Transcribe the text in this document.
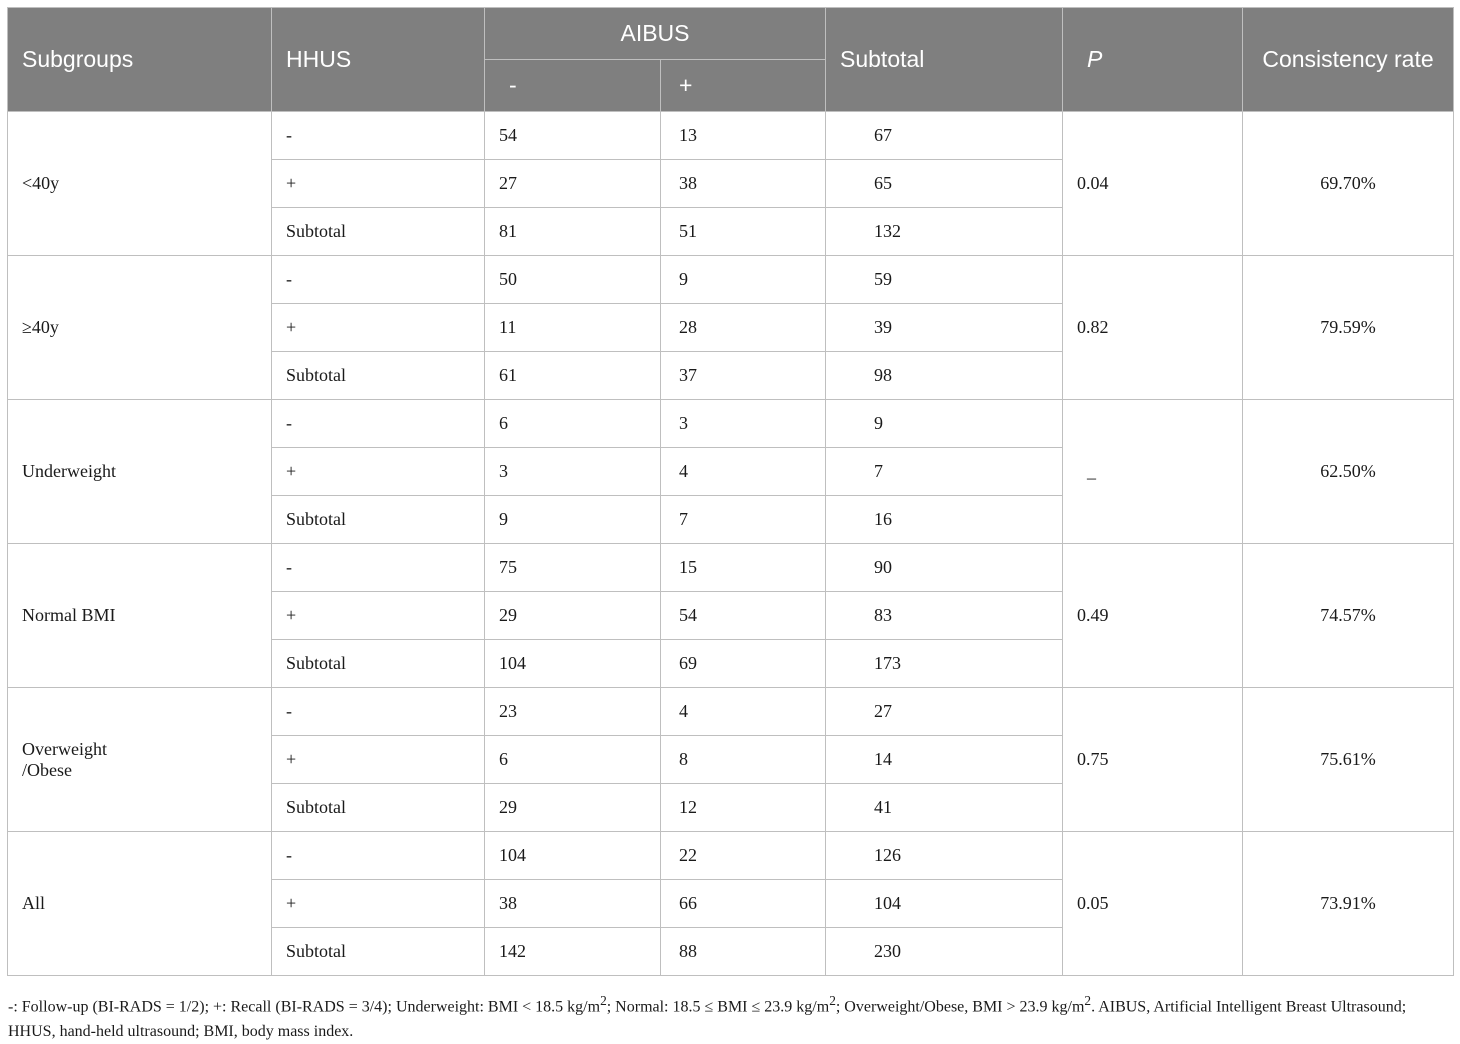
Subgroups	HHUS	AIBUS		Subtotal	P	Consistency rate
		-	+			
<40y	-	54	13	67	0.04	69.70%
	+	27	38	65		
	Subtotal	81	51	132		
≥40y	-	50	9	59	0.82	79.59%
	+	11	28	39		
	Subtotal	61	37	98		
Underweight	-	6	3	9	_	62.50%
	+	3	4	7		
	Subtotal	9	7	16		
Normal BMI	-	75	15	90	0.49	74.57%
	+	29	54	83		
	Subtotal	104	69	173		
Overweight
/Obese	-	23	4	27	0.75	75.61%
	+	6	8	14		
	Subtotal	29	12	41		
All	-	104	22	126	0.05	73.91%
	+	38	66	104		
	Subtotal	142	88	230		
-: Follow-up (BI-RADS = 1/2); +: Recall (BI-RADS = 3/4); Underweight: BMI < 18.5 $kg/m^2$; Normal: 18.5 ≤ BMI ≤ 23.9 $kg/m^2$; Overweight/Obese, BMI > 23.9 $kg/m^2$. AIBUS, Artificial Intelligent Breast Ultrasound; HHUS, hand-held ultrasound; BMI, body mass index.
